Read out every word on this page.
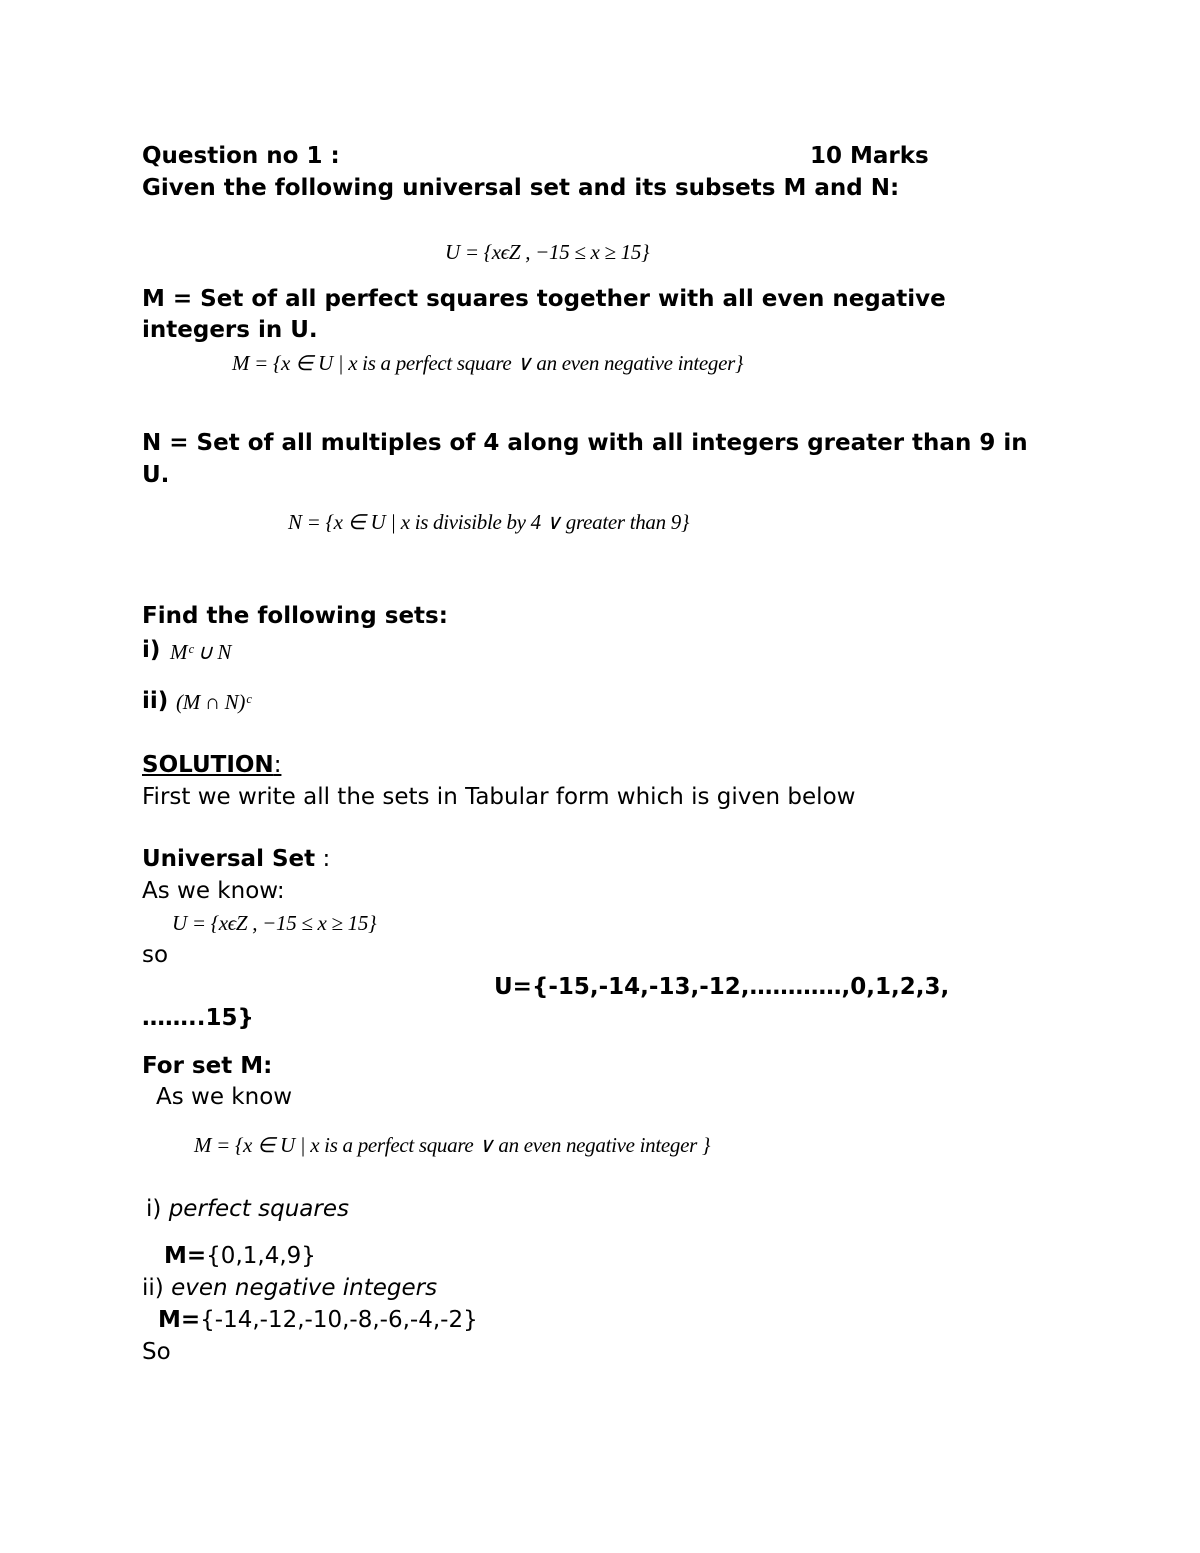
Question no 1 :	10 Marks
Given the following universal set and its subsets M and N:
U = {xϵZ , −15 ≤ x ≥ 15}
M = Set of all perfect squares together with all even negative
integers in U.
M = {x ∈ U | x is a perfect square ∨ an even negative integer}
N = Set of all multiples of 4 along with all integers greater than 9 in
U.
N = {x ∈ U | x is divisible by 4 ∨ greater than 9}
Find the following sets:
i) Mᶜ ∪ N
ii) (M ∩ N)ᶜ
SOLUTION:
First we write all the sets in Tabular form which is given below
Universal Set :
As we know:
U = {xϵZ , −15 ≤ x ≥ 15}
so
U={-15,-14,-13,-12,…………,0,1,2,3,
……..15}
For set M:
As we know
M = {x ∈ U | x is a perfect square ∨ an even negative integer }
i) perfect squares
M={0,1,4,9}
ii) even negative integers
M={-14,-12,-10,-8,-6,-4,-2}
So
